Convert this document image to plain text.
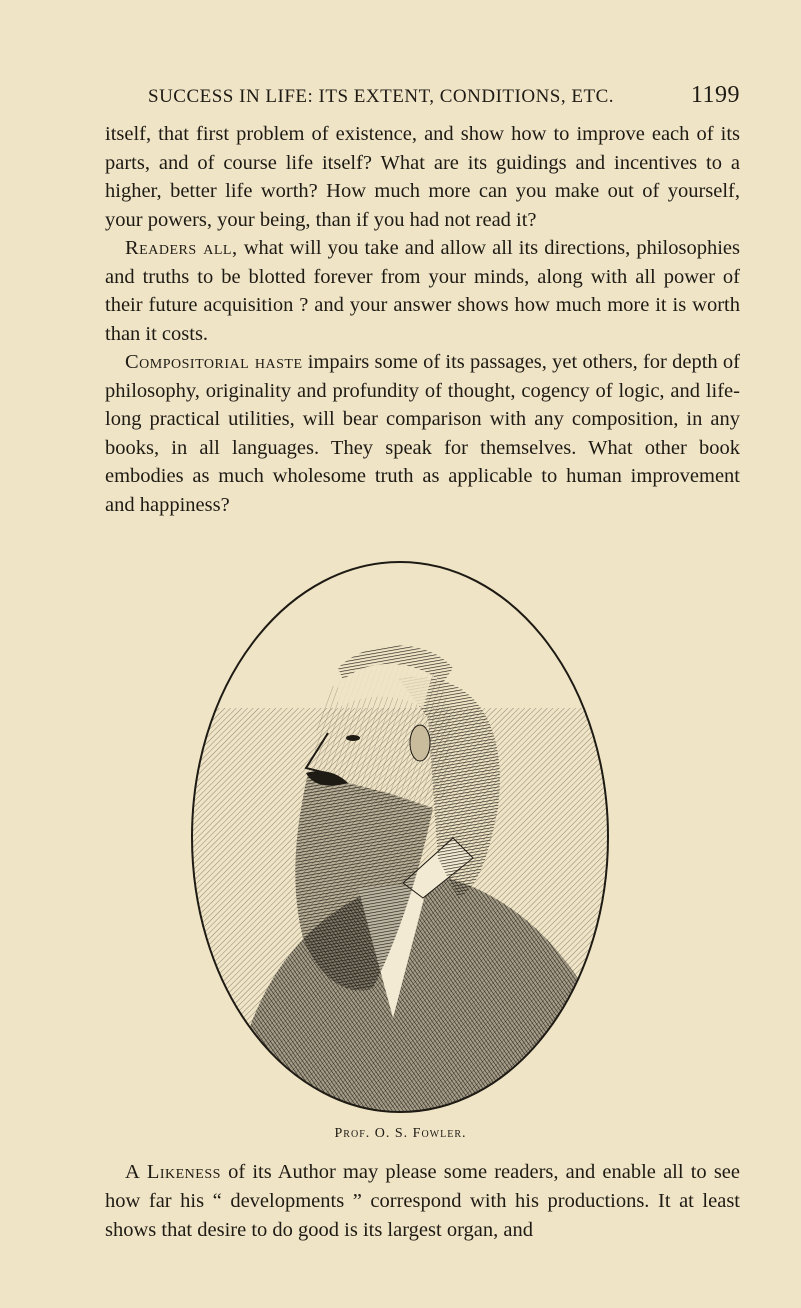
SUCCESS IN LIFE: ITS EXTENT, CONDITIONS, ETC.	1199

itself, that first problem of existence, and show how to improve each of its parts, and of course life itself? What are its guidings and incentives to a higher, better life worth? How much more can you make out of yourself, your powers, your being, than if you had not read it?

Readers all, what will you take and allow all its directions, philosophies and truths to be blotted forever from your minds, along with all power of their future acquisition ? and your answer shows how much more it is worth than it costs.

Compositorial haste impairs some of its passages, yet others, for depth of philosophy, originality and profundity of thought, cogency of logic, and life-long practical utilities, will bear comparison with any composition, in any books, in all languages. They speak for themselves. What other book embodies as much wholesome truth as applicable to human improvement and happiness?

Prof. O. S. Fowler.

A Likeness of its Author may please some readers, and enable all to see how far his “ developments ” correspond with his productions. It at least shows that desire to do good is its largest organ, and
